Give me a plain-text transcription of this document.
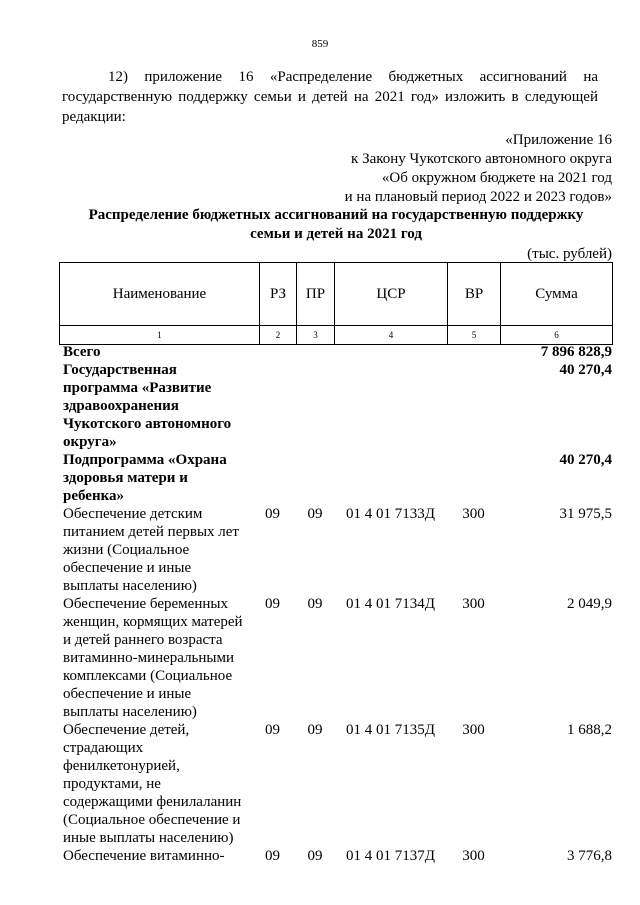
859
12) приложение 16 «Распределение бюджетных ассигнований на государственную поддержку семьи и детей на 2021 год» изложить в следующей редакции:
«Приложение 16
к Закону Чукотского автономного округа
«Об окружном бюджете на 2021 год
и на плановый период 2022 и 2023 годов»
Распределение бюджетных ассигнований на государственную поддержку
семьи и детей на 2021 год
(тыс. рублей)
Наименование	РЗ	ПР	ЦСР	ВР	Сумма
1	2	3	4	5	6
Всего					7 896 828,9
Государственная программа «Развитие здравоохранения Чукотского автономного округа»					40 270,4
Подпрограмма «Охрана здоровья матери и ребенка»					40 270,4
Обеспечение детским питанием детей первых лет жизни (Социальное обеспечение и иные выплаты населению)	09	09	01 4 01 7133Д	300	31 975,5
Обеспечение беременных женщин, кормящих матерей и детей раннего возраста витаминно-минеральными комплексами (Социальное обеспечение и иные выплаты населению)	09	09	01 4 01 7134Д	300	2 049,9
Обеспечение детей, страдающих фенилкетонурией, продуктами, не содержащими фенилаланин (Социальное обеспечение и иные выплаты населению)	09	09	01 4 01 7135Д	300	1 688,2
Обеспечение витаминно-	09	09	01 4 01 7137Д	300	3 776,8
